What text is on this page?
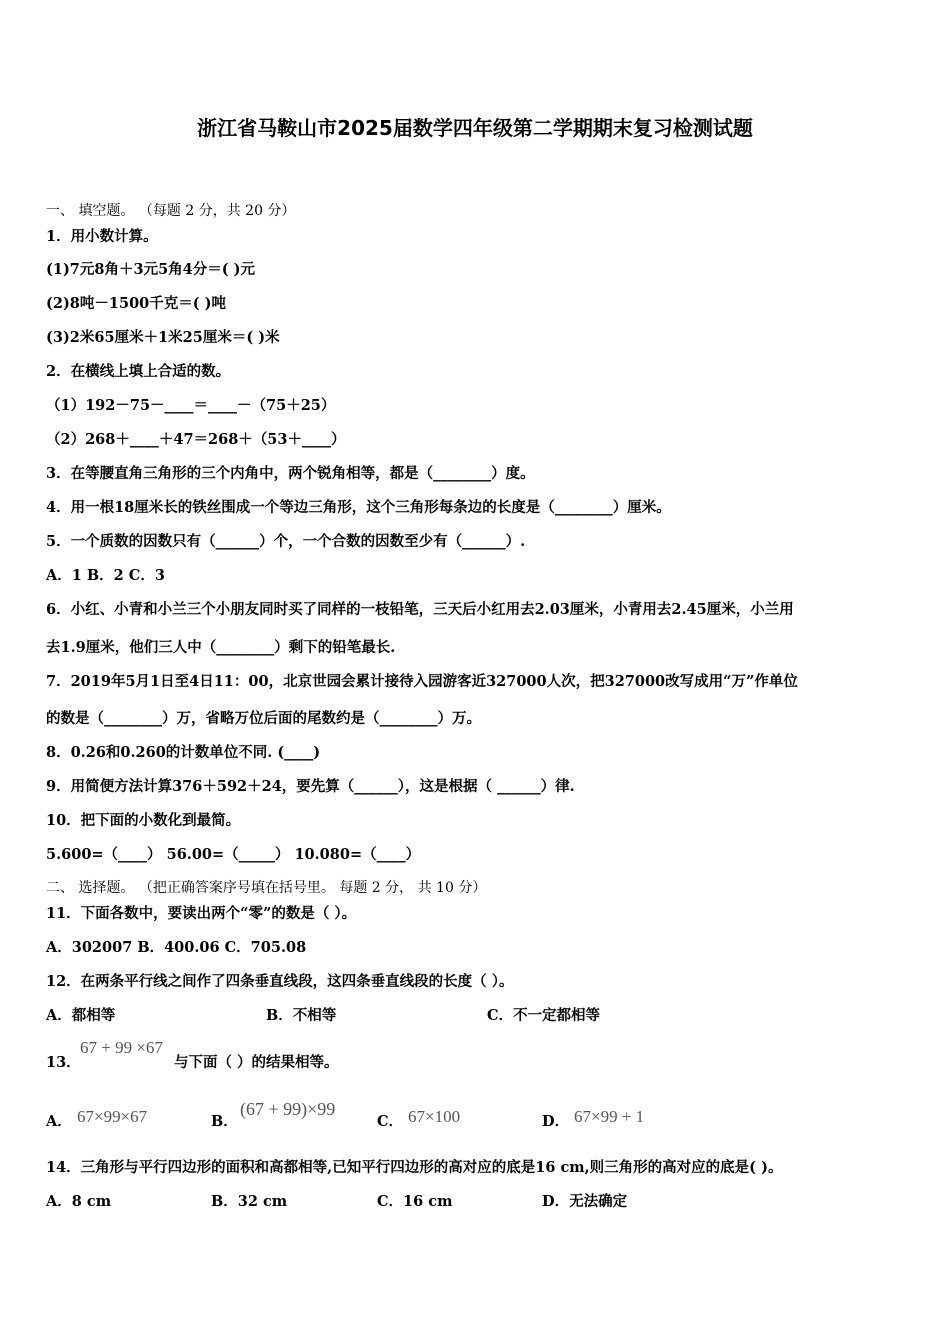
浙江省马鞍山市2025届数学四年级第二学期期末复习检测试题
一、 填空题。 （每题 2 分，共 20 分）
1．用小数计算。
(1)7元8角＋3元5角4分＝( )元
(2)8吨－1500千克＝( )吨
(3)2米65厘米＋1米25厘米＝( )米
2．在横线上填上合适的数。
（1）192－75－____＝____－（75＋25）
（2）268＋____＋47＝268＋（53＋____）
3．在等腰直角三角形的三个内角中，两个锐角相等，都是（________）度。
4．用一根18厘米长的铁丝围成一个等边三角形，这个三角形每条边的长度是（________）厘米。
5．一个质数的因数只有（______）个，一个合数的因数至少有（______）.
A．1 B．2 C．3
6．小红、小青和小兰三个小朋友同时买了同样的一枝铅笔，三天后小红用去2.03厘米，小青用去2.45厘米，小兰用
去1.9厘米，他们三人中（________）剩下的铅笔最长.
7．2019年5月1日至4日11：00，北京世园会累计接待入园游客近327000人次，把327000改写成用“万”作单位
的数是（________）万，省略万位后面的尾数约是（________）万。
8．0.26和0.260的计数单位不同. (____)
9．用简便方法计算376＋592＋24，要先算（______），这是根据（ ______）律.
10．把下面的小数化到最简。
5.600=（____） 56.00=（_____） 10.080=（____）
二、 选择题。 （把正确答案序号填在括号里。 每题 2 分， 共 10 分）
11．下面各数中，要读出两个“零”的数是（ ）。
A．302007 B．400.06 C．705.08
12．在两条平行线之间作了四条垂直线段，这四条垂直线段的长度（ ）。
A．都相等	B．不相等	C．不一定都相等
13．
67 + 99 ×67
与下面（ ）的结果相等。
A． 67×99×67	B．
(67 + 99)×99
C． 67×100	D． 67×99 + 1
14．三角形与平行四边形的面积和高都相等,已知平行四边形的高对应的底是16 cm,则三角形的高对应的底是( )。
A．8 cm	B．32 cm	C．16 cm	D．无法确定
